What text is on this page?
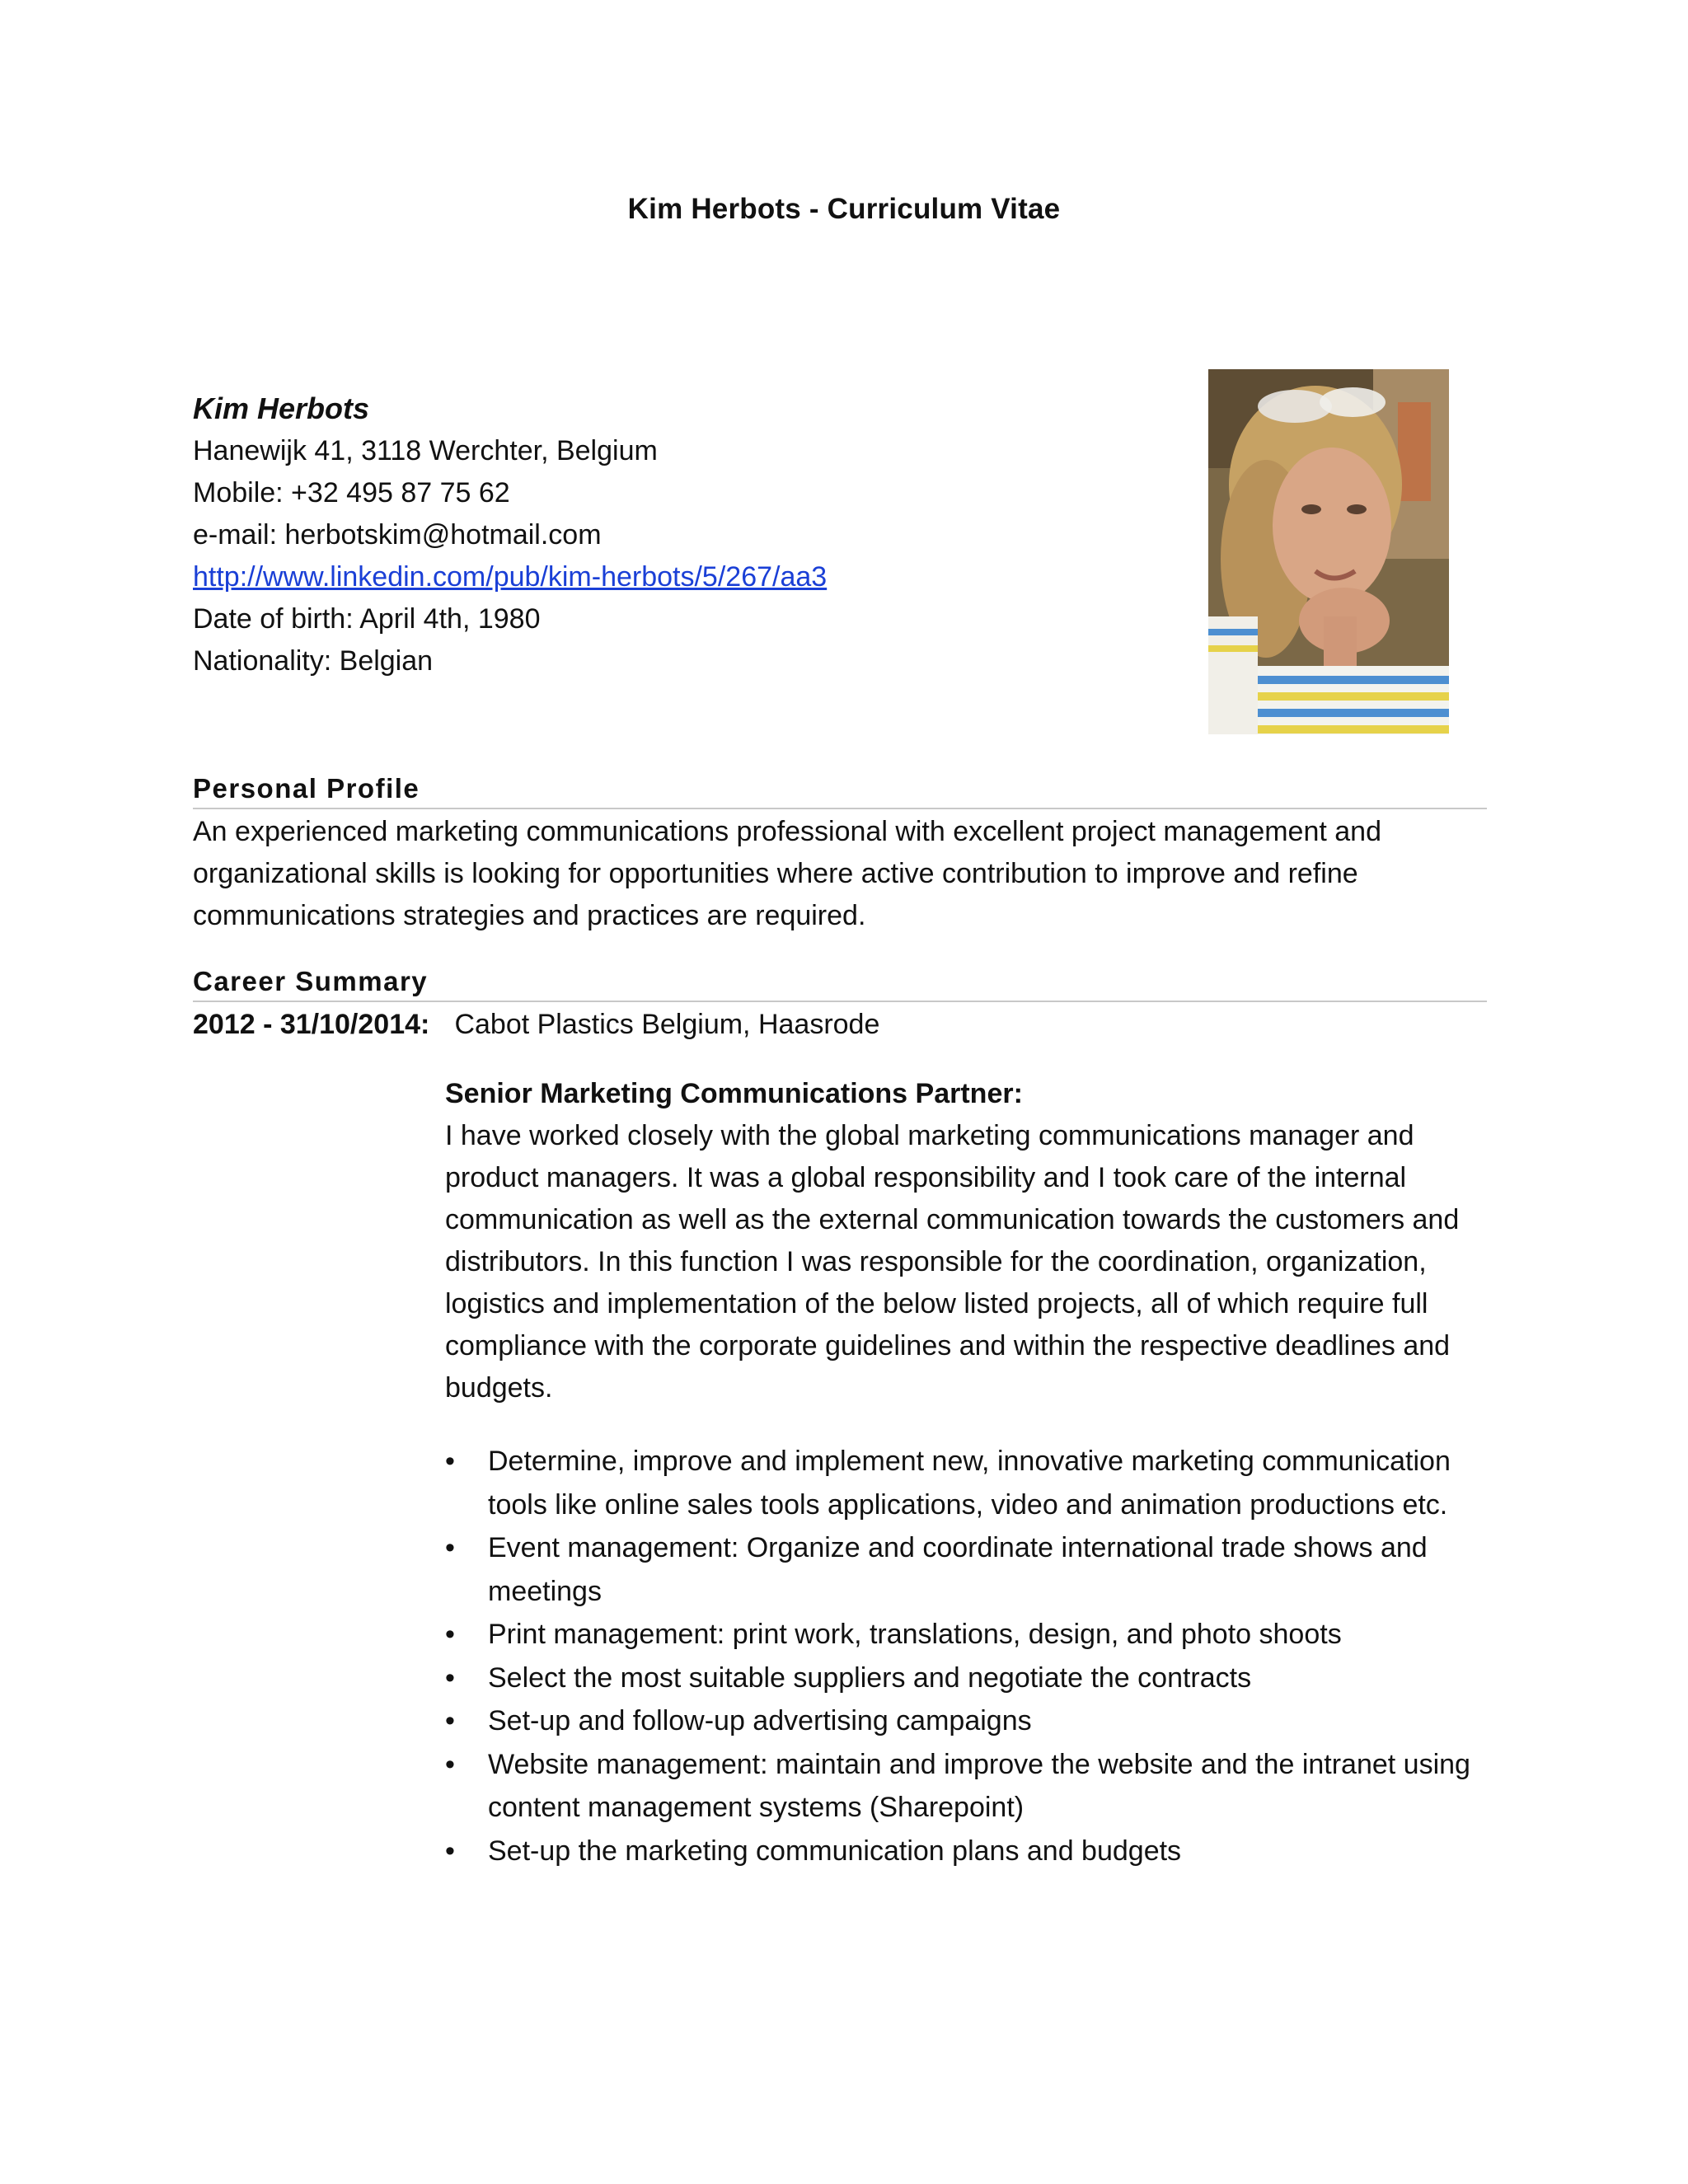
Kim Herbots - Curriculum Vitae
Kim Herbots
Hanewijk 41, 3118 Werchter, Belgium
Mobile: +32 495 87 75 62
e-mail: herbotskim@hotmail.com
http://www.linkedin.com/pub/kim-herbots/5/267/aa3
Date of birth: April 4th, 1980
Nationality: Belgian
Personal Profile
An experienced marketing communications professional with excellent project management and
organizational skills is looking for opportunities where active contribution to improve and refine
communications strategies and practices are required.
Career Summary
2012 - 31/10/2014: Cabot Plastics Belgium, Haasrode
Senior Marketing Communications Partner:
I have worked closely with the global marketing communications manager and
product managers. It was a global responsibility and I took care of the internal
communication as well as the external communication towards the customers and
distributors. In this function I was responsible for the coordination, organization,
logistics and implementation of the below listed projects, all of which require full
compliance with the corporate guidelines and within the respective deadlines and
budgets.
• Determine, improve and implement new, innovative marketing communication
tools like online sales tools applications, video and animation productions etc.
• Event management: Organize and coordinate international trade shows and
meetings
• Print management: print work, translations, design, and photo shoots
• Select the most suitable suppliers and negotiate the contracts
• Set-up and follow-up advertising campaigns
• Website management: maintain and improve the website and the intranet using
content management systems (Sharepoint)
• Set-up the marketing communication plans and budgets
